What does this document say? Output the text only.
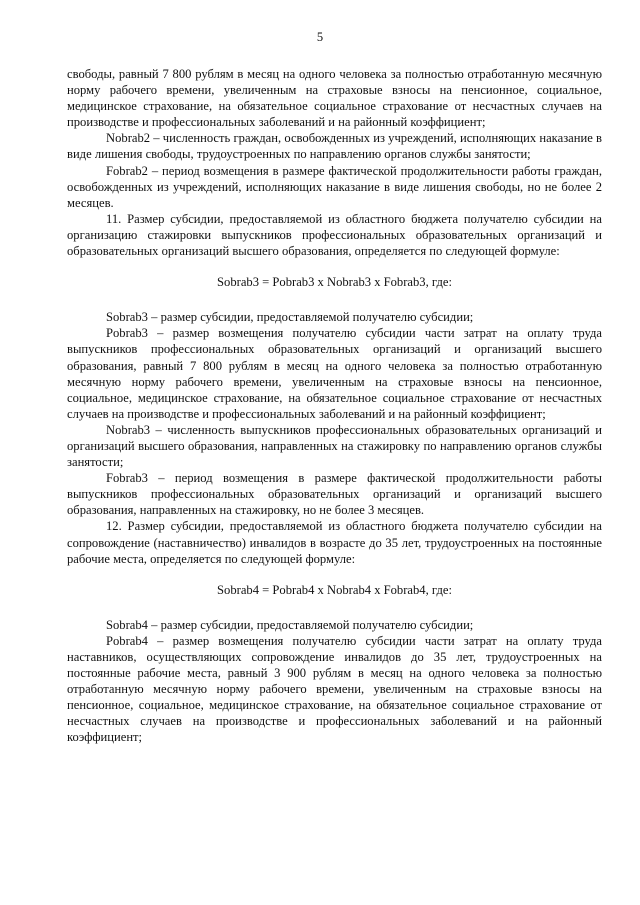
5

свободы, равный 7 800 рублям в месяц на одного человека за полностью отработанную месячную норму рабочего времени, увеличенным на страховые взносы на пенсионное, социальное, медицинское страхование, на обязательное социальное страхование от несчастных случаев на производстве и профессиональных заболеваний и на районный коэффициент;

Nobrab2 – численность граждан, освобожденных из учреждений, исполняющих наказание в виде лишения свободы, трудоустроенных по направлению органов службы занятости;

Fobrab2 – период возмещения в размере фактической продолжительности работы граждан, освобожденных из учреждений, исполняющих наказание в виде лишения свободы, но не более 2 месяцев.

11. Размер субсидии, предоставляемой из областного бюджета получателю субсидии на организацию стажировки выпускников профессиональных образовательных организаций и образовательных организаций высшего образования, определяется по следующей формуле:

Sobrab3 = Pobrab3 x Nobrab3 x Fobrab3, где:

Sobrab3 – размер субсидии, предоставляемой получателю субсидии;

Pobrab3 – размер возмещения получателю субсидии части затрат на оплату труда выпускников профессиональных образовательных организаций и организаций высшего образования, равный 7 800 рублям в месяц на одного человека за полностью отработанную месячную норму рабочего времени, увеличенным на страховые взносы на пенсионное, социальное, медицинское страхование, на обязательное социальное страхование от несчастных случаев на производстве и профессиональных заболеваний и на районный коэффициент;

Nobrab3 – численность выпускников профессиональных образовательных организаций и организаций высшего образования, направленных на стажировку по направлению органов службы занятости;

Fobrab3 – период возмещения в размере фактической продолжительности работы выпускников профессиональных образовательных организаций и организаций высшего образования, направленных на стажировку, но не более 3 месяцев.

12. Размер субсидии, предоставляемой из областного бюджета получателю субсидии на сопровождение (наставничество) инвалидов в возрасте до 35 лет, трудоустроенных на постоянные рабочие места, определяется по следующей формуле:

Sobrab4 = Pobrab4 x Nobrab4 x Fobrab4, где:

Sobrab4 – размер субсидии, предоставляемой получателю субсидии;

Pobrab4 – размер возмещения получателю субсидии части затрат на оплату труда наставников, осуществляющих сопровождение инвалидов до 35 лет, трудоустроенных на постоянные рабочие места, равный 3 900 рублям в месяц на одного человека за полностью отработанную месячную норму рабочего времени, увеличенным на страховые взносы на пенсионное, социальное, медицинское страхование, на обязательное социальное страхование от несчастных случаев на производстве и профессиональных заболеваний и на районный коэффициент;
